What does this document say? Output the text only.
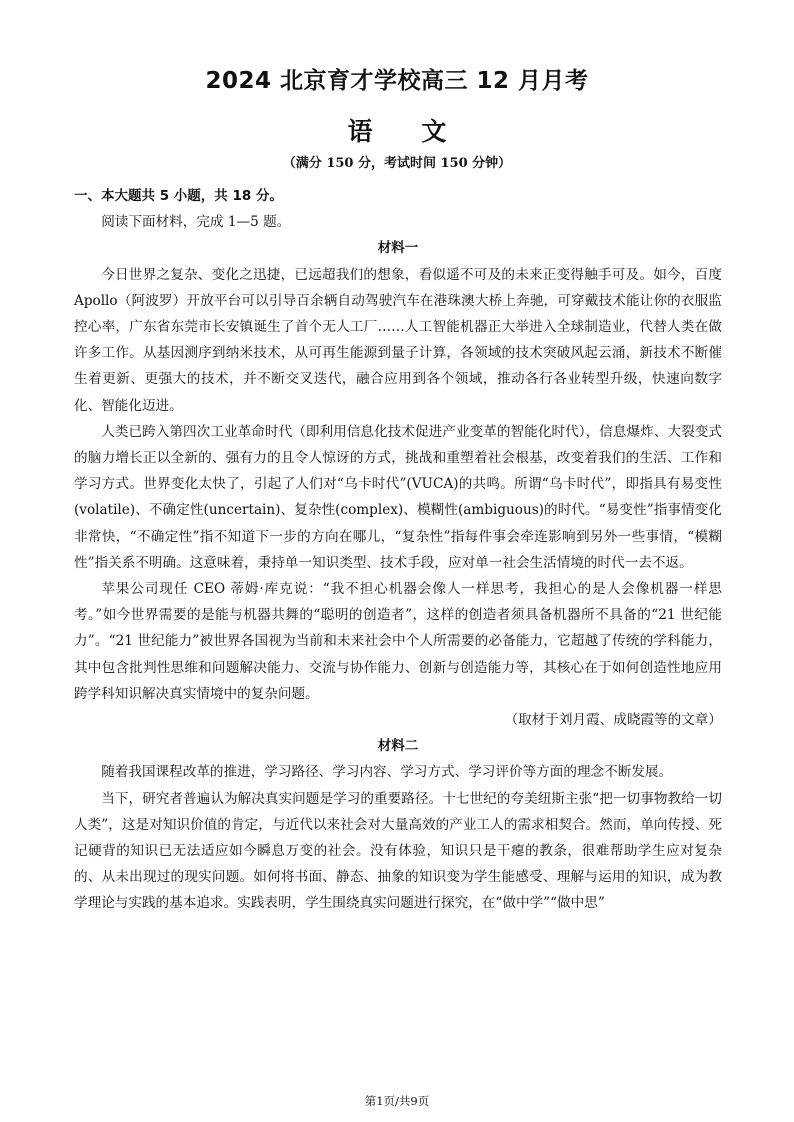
2024 北京育才学校高三 12 月月考
语 文
（满分 150 分，考试时间 150 分钟）

一、本大题共 5 小题，共 18 分。

阅读下面材料，完成 1—5 题。

材料一

今日世界之复杂、变化之迅捷，已远超我们的想象，看似遥不可及的未来正变得触手可及。如今，百度 Apollo（阿波罗）开放平台可以引导百余辆自动驾驶汽车在港珠澳大桥上奔驰，可穿戴技术能让你的衣服监控心率，广东省东莞市长安镇诞生了首个无人工厂……人工智能机器正大举进入全球制造业，代替人类在做许多工作。从基因测序到纳米技术，从可再生能源到量子计算，各领域的技术突破风起云涌，新技术不断催生着更新、更强大的技术，并不断交叉迭代，融合应用到各个领域，推动各行各业转型升级，快速向数字化、智能化迈进。

人类已跨入第四次工业革命时代（即利用信息化技术促进产业变革的智能化时代），信息爆炸、大裂变式的脑力增长正以全新的、强有力的且令人惊讶的方式，挑战和重塑着社会根基，改变着我们的生活、工作和学习方式。世界变化太快了，引起了人们对“乌卡时代”(VUCA)的共鸣。所谓“乌卡时代”，即指具有易变性(volatile)、不确定性(uncertain)、复杂性(complex)、模糊性(ambiguous)的时代。“易变性”指事情变化非常快，“不确定性”指不知道下一步的方向在哪儿，“复杂性”指每件事会牵连影响到另外一些事情，“模糊性”指关系不明确。这意味着，秉持单一知识类型、技术手段，应对单一社会生活情境的时代一去不返。

苹果公司现任 CEO 蒂姆·库克说：“我不担心机器会像人一样思考，我担心的是人会像机器一样思考。”如今世界需要的是能与机器共舞的“聪明的创造者”，这样的创造者须具备机器所不具备的“21 世纪能力”。“21 世纪能力”被世界各国视为当前和未来社会中个人所需要的必备能力，它超越了传统的学科能力，其中包含批判性思维和问题解决能力、交流与协作能力、创新与创造能力等，其核心在于如何创造性地应用跨学科知识解决真实情境中的复杂问题。

（取材于刘月霞、成晓霞等的文章）

材料二

随着我国课程改革的推进，学习路径、学习内容、学习方式、学习评价等方面的理念不断发展。

当下，研究者普遍认为解决真实问题是学习的重要路径。十七世纪的夸美纽斯主张“把一切事物教给一切人类”，这是对知识价值的肯定，与近代以来社会对大量高效的产业工人的需求相契合。然而，单向传授、死记硬背的知识已无法适应如今瞬息万变的社会。没有体验，知识只是干瘪的教条，很难帮助学生应对复杂的、从未出现过的现实问题。如何将书面、静态、抽象的知识变为学生能感受、理解与运用的知识，成为教学理论与实践的基本追求。实践表明，学生围绕真实问题进行探究，在“做中学”“做中思”

第1页/共9页
